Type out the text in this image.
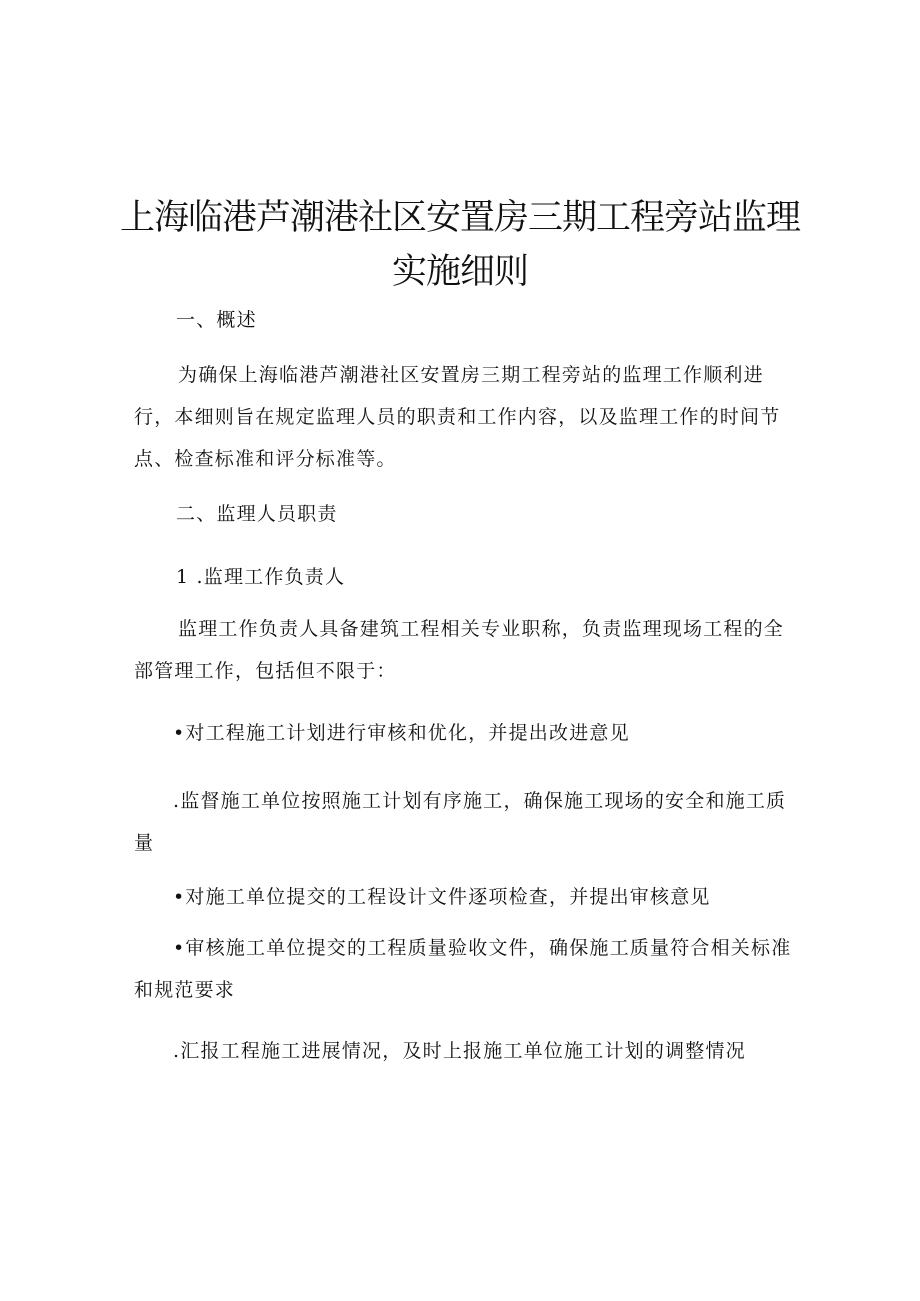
上海临港芦潮港社区安置房三期工程旁站监理
实施细则

一、概述

为确保上海临港芦潮港社区安置房三期工程旁站的监理工作顺利进行，本细则旨在规定监理人员的职责和工作内容，以及监理工作的时间节点、检查标准和评分标准等。

二、监理人员职责

1 .监理工作负责人

监理工作负责人具备建筑工程相关专业职称，负责监理现场工程的全部管理工作，包括但不限于：

•对工程施工计划进行审核和优化，并提出改进意见

.监督施工单位按照施工计划有序施工，确保施工现场的安全和施工质量

•对施工单位提交的工程设计文件逐项检查，并提出审核意见

•审核施工单位提交的工程质量验收文件，确保施工质量符合相关标准和规范要求

.汇报工程施工进展情况，及时上报施工单位施工计划的调整情况
